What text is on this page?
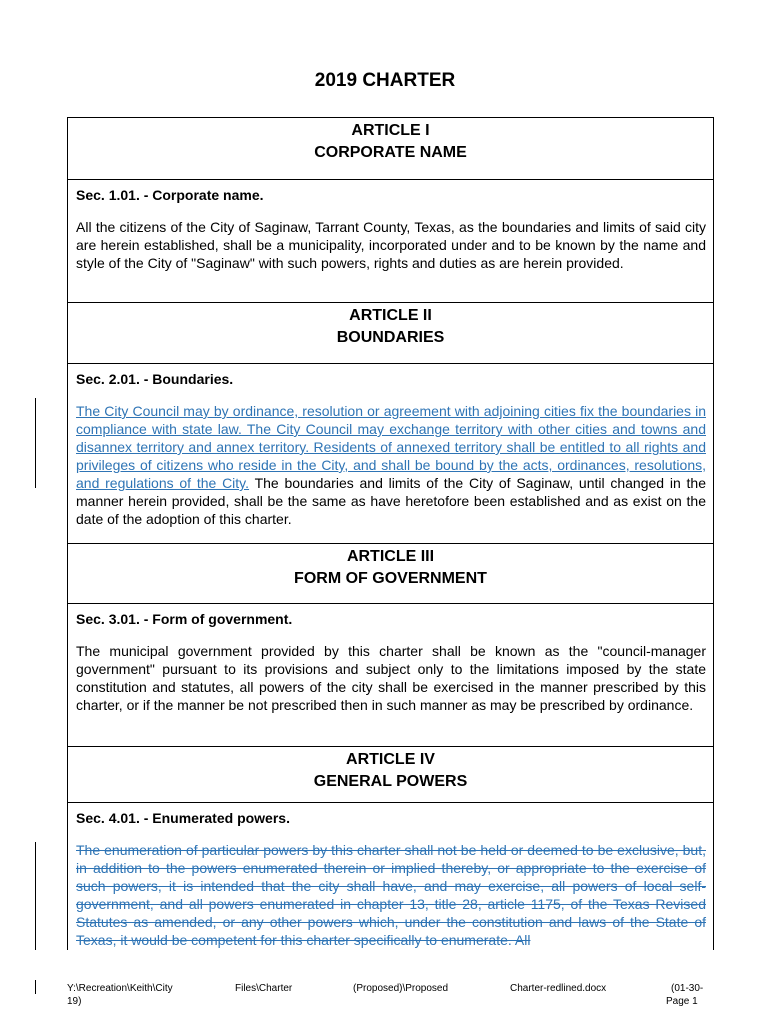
2019 CHARTER
ARTICLE I
CORPORATE NAME
Sec. 1.01. - Corporate name.

All the citizens of the City of Saginaw, Tarrant County, Texas, as the boundaries and limits of said city are herein established, shall be a municipality, incorporated under and to be known by the name and style of the City of "Saginaw" with such powers, rights and duties as are herein provided.

ARTICLE II
BOUNDARIES
Sec. 2.01. - Boundaries.

The City Council may by ordinance, resolution or agreement with adjoining cities fix the boundaries in compliance with state law. The City Council may exchange territory with other cities and towns and disannex territory and annex territory. Residents of annexed territory shall be entitled to all rights and privileges of citizens who reside in the City, and shall be bound by the acts, ordinances, resolutions, and regulations of the City. The boundaries and limits of the City of Saginaw, until changed in the manner herein provided, shall be the same as have heretofore been established and as exist on the date of the adoption of this charter.

ARTICLE III
FORM OF GOVERNMENT
Sec. 3.01. - Form of government.

The municipal government provided by this charter shall be known as the "council-manager government" pursuant to its provisions and subject only to the limitations imposed by the state constitution and statutes, all powers of the city shall be exercised in the manner prescribed by this charter, or if the manner be not prescribed then in such manner as may be prescribed by ordinance.

ARTICLE IV
GENERAL POWERS
Sec. 4.01. - Enumerated powers.

The enumeration of particular powers by this charter shall not be held or deemed to be exclusive, but, in addition to the powers enumerated therein or implied thereby, or appropriate to the exercise of such powers, it is intended that the city shall have, and may exercise, all powers of local self-government, and all powers enumerated in chapter 13, title 28, article 1175, of the Texas Revised Statutes as amended, or any other powers which, under the constitution and laws of the State of Texas, it would be competent for this charter specifically to enumerate. All

Y:\Recreation\Keith\City	Files\Charter	(Proposed)\Proposed	Charter-redlined.docx	(01-30-
19)	Page 1
